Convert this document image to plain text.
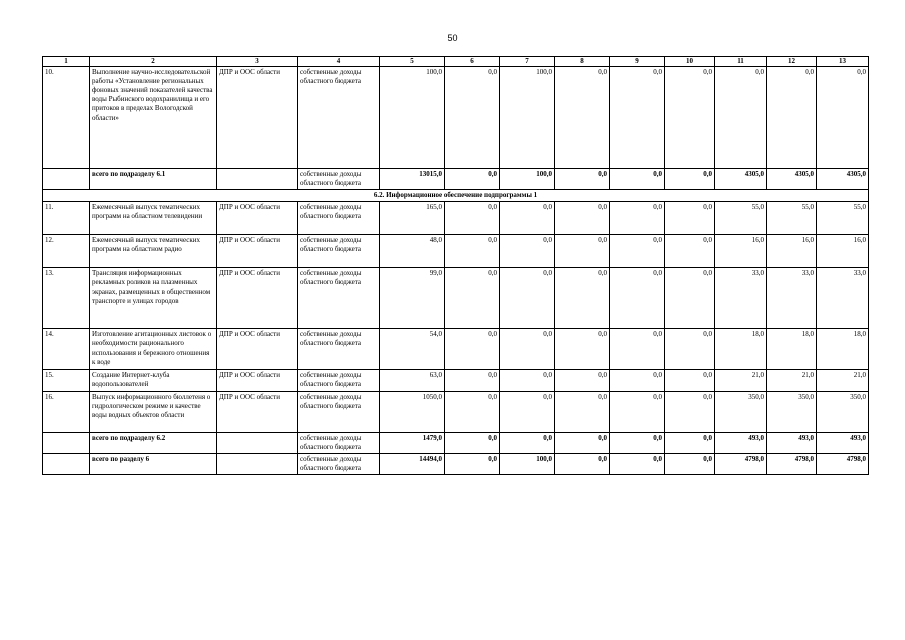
50
1	2	3	4	5	6	7	8	9	10	11	12	13
10.	Выполнение научно-исследовательской работы «Установление региональных фоновых значений показателей качества воды Рыбинского водохранилища и его притоков в пределах Вологодской области»	ДПР и ООС области	собственные доходы областного бюджета	100,0	0,0	100,0	0,0	0,0	0,0	0,0	0,0	0,0
	всего по подразделу 6.1		собственные доходы областного бюджета	13015,0	0,0	100,0	0,0	0,0	0,0	4305,0	4305,0	4305,0
6.2. Информационное обеспечение подпрограммы 1												
11.	Ежемесячный выпуск тематических программ на областном телевидении	ДПР и ООС области	собственные доходы областного бюджета	165,0	0,0	0,0	0,0	0,0	0,0	55,0	55,0	55,0
12.	Ежемесячный выпуск тематических программ на областном радио	ДПР и ООС области	собственные доходы областного бюджета	48,0	0,0	0,0	0,0	0,0	0,0	16,0	16,0	16,0
13.	Трансляция информационных рекламных роликов на плазменных экранах, размещенных в общественном транспорте и улицах городов	ДПР и ООС области	собственные доходы областного бюджета	99,0	0,0	0,0	0,0	0,0	0,0	33,0	33,0	33,0
14.	Изготовление агитационных листовок о необходимости рационального использования и бережного отношения к воде	ДПР и ООС области	собственные доходы областного бюджета	54,0	0,0	0,0	0,0	0,0	0,0	18,0	18,0	18,0
15.	Создание Интернет-клуба водопользователей	ДПР и ООС области	собственные доходы областного бюджета	63,0	0,0	0,0	0,0	0,0	0,0	21,0	21,0	21,0
16.	Выпуск информационного бюллетеня о гидрологическом режиме и качестве воды водных объектов области	ДПР и ООС области	собственные доходы областного бюджета	1050,0	0,0	0,0	0,0	0,0	0,0	350,0	350,0	350,0
	всего по подразделу 6.2		собственные доходы областного бюджета	1479,0	0,0	0,0	0,0	0,0	0,0	493,0	493,0	493,0
	всего по разделу 6		собственные доходы областного бюджета	14494,0	0,0	100,0	0,0	0,0	0,0	4798,0	4798,0	4798,0
